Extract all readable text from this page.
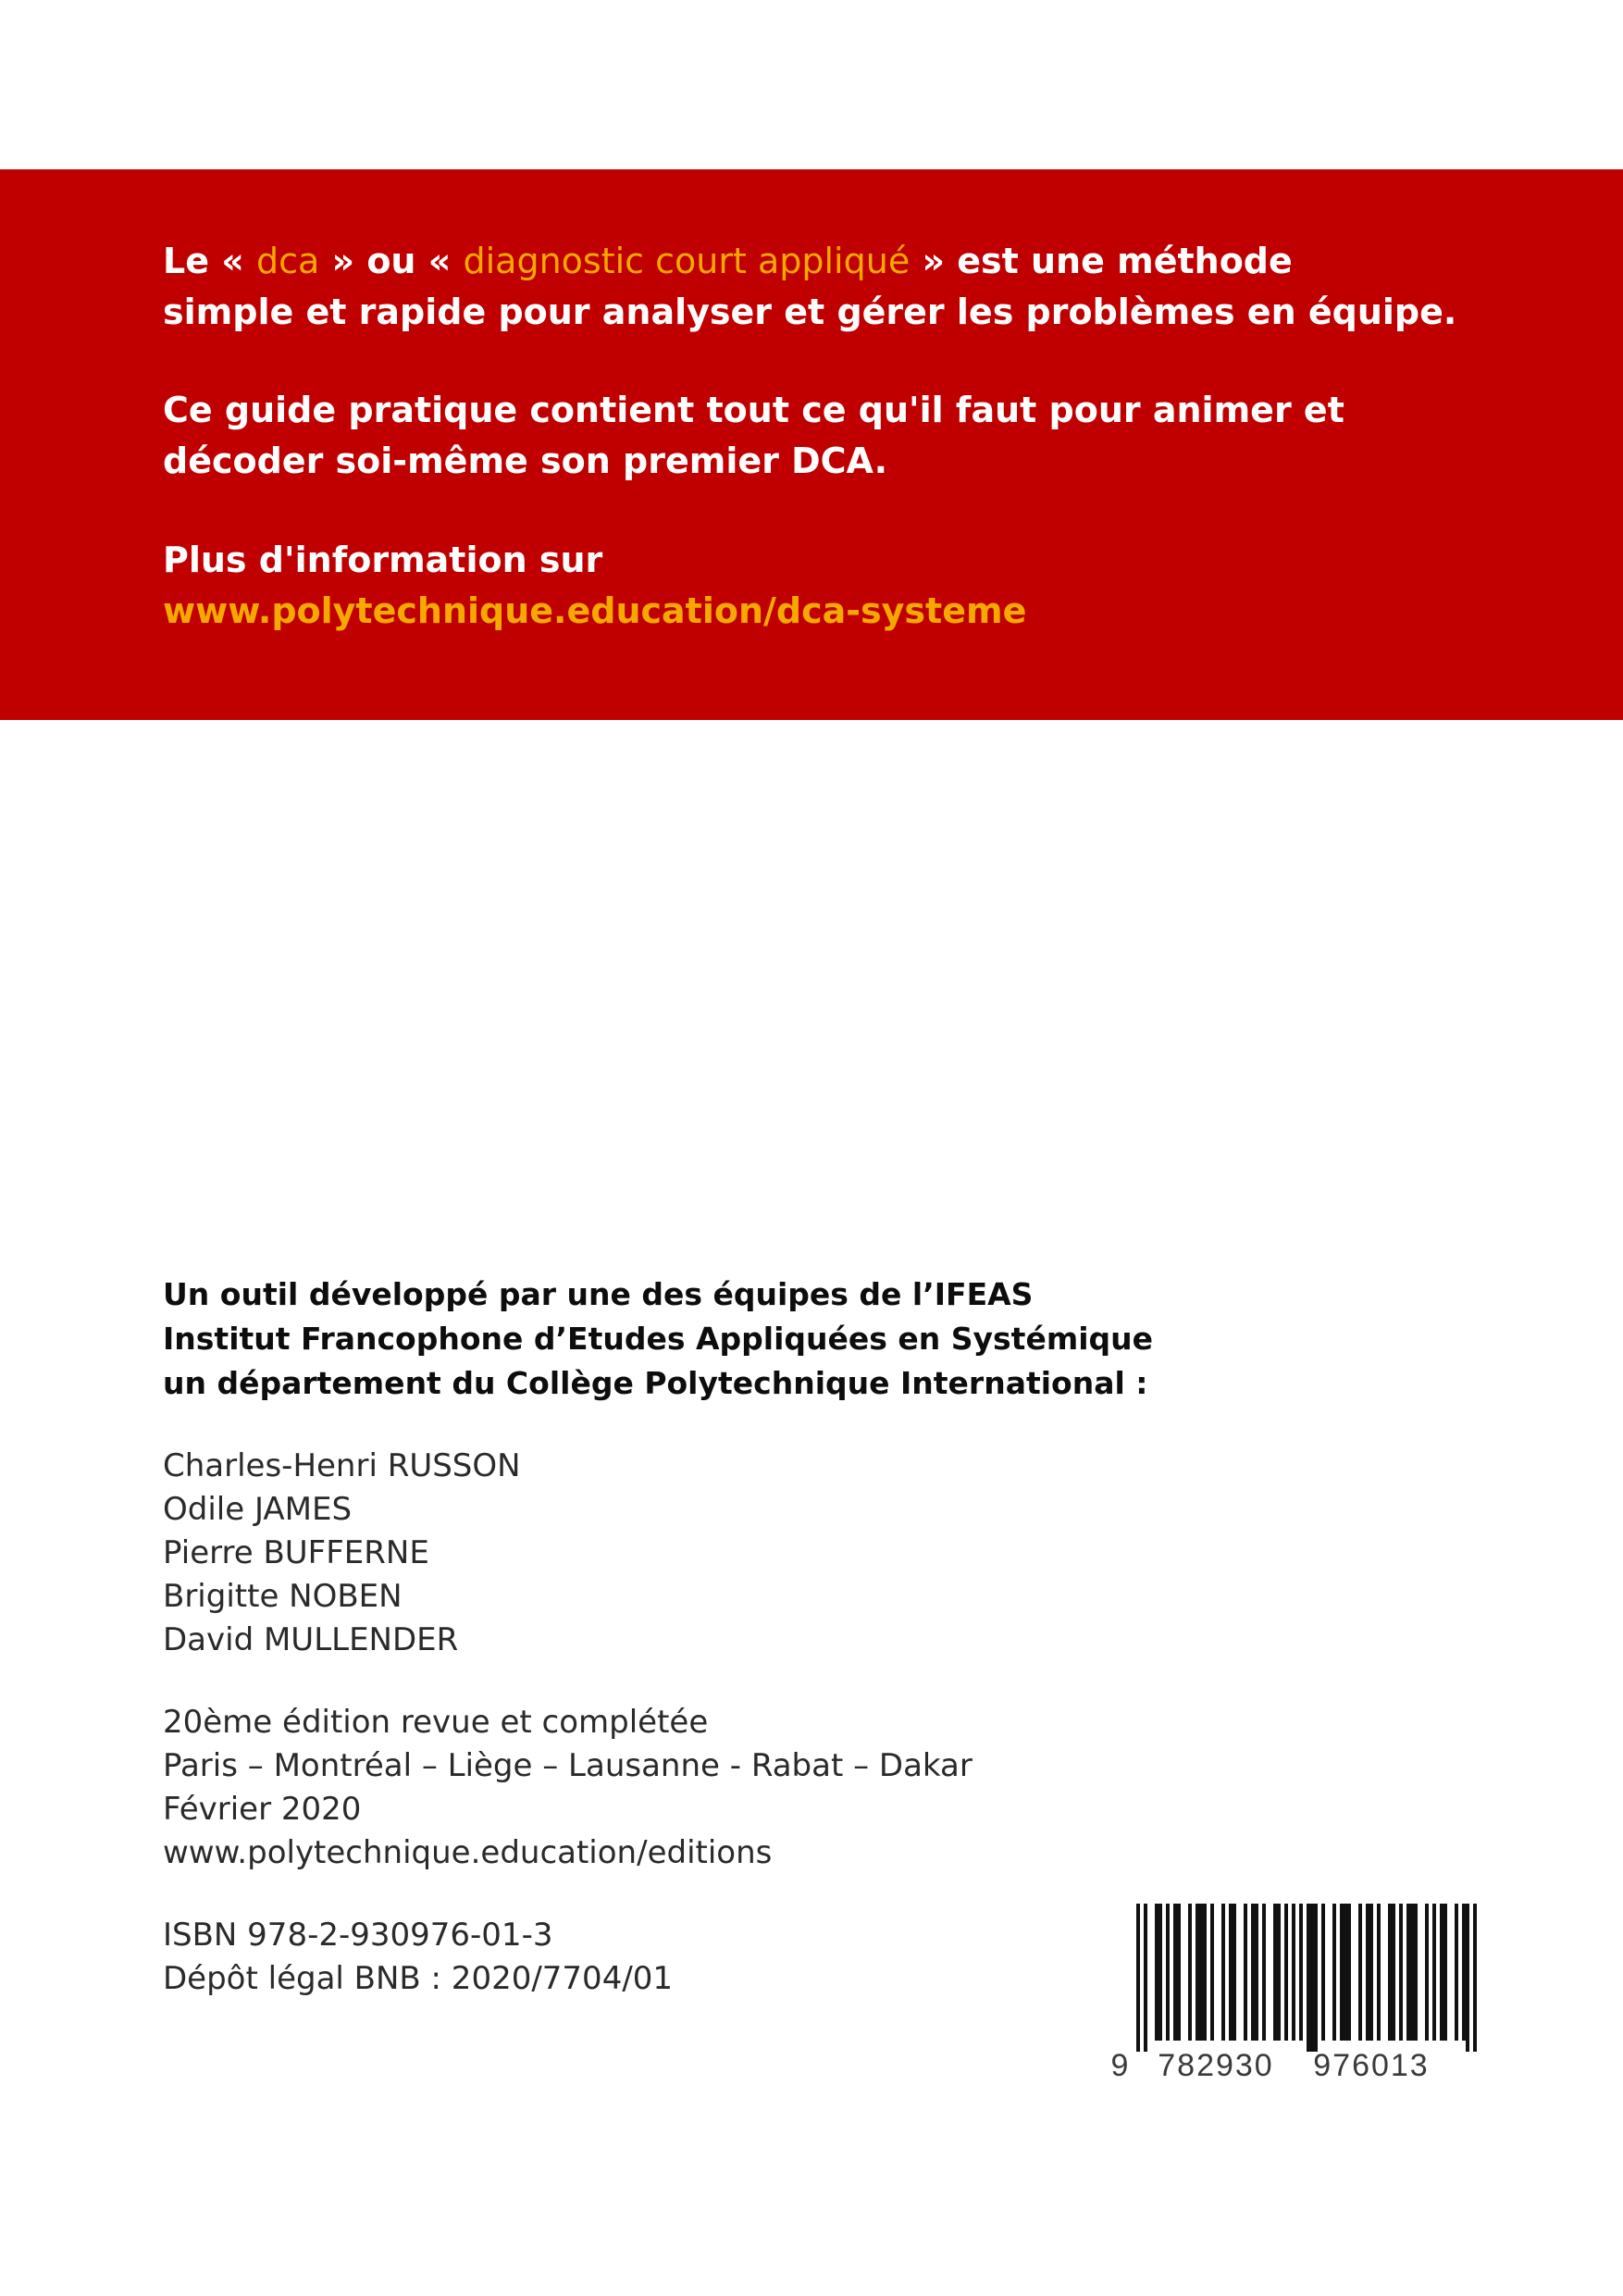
Le « dca » ou « diagnostic court appliqué » est une méthode
simple et rapide pour analyser et gérer les problèmes en équipe.

Ce guide pratique contient tout ce qu'il faut pour animer et
décoder soi-même son premier DCA.

Plus d'information sur
www.polytechnique.education/dca-systeme

Un outil développé par une des équipes de l’IFEAS
Institut Francophone d’Etudes Appliquées en Systémique
un département du Collège Polytechnique International :
Charles-Henri RUSSON
Odile JAMES
Pierre BUFFERNE
Brigitte NOBEN
David MULLENDER
20ème édition revue et complétée
Paris – Montréal – Liège – Lausanne - Rabat – Dakar
Février 2020
www.polytechnique.education/editions
ISBN 978-2-930976-01-3
Dépôt légal BNB : 2020/7704/01
9 782930 976013
